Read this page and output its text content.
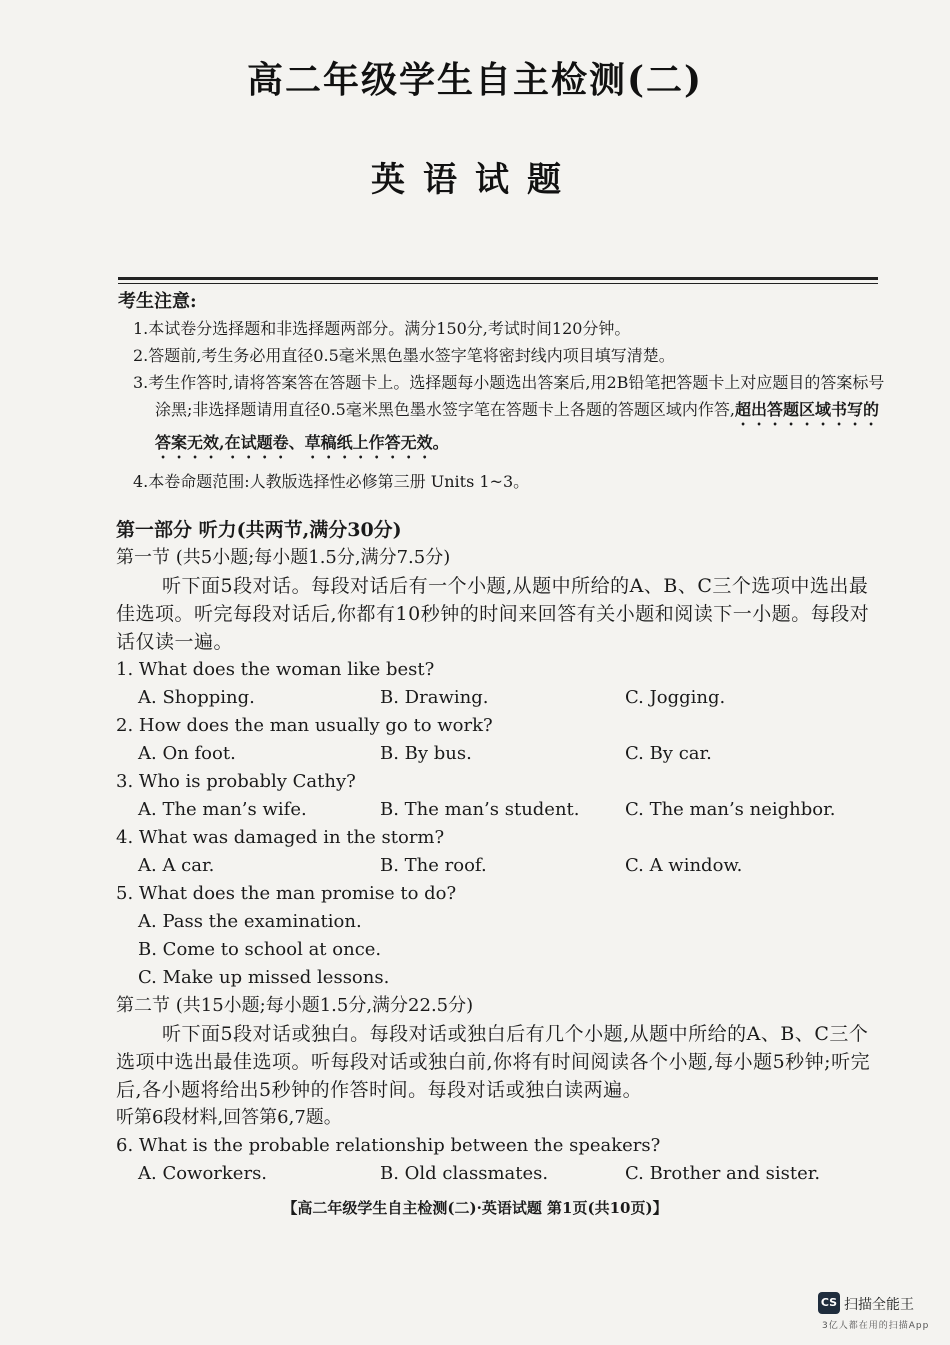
高二年级学生自主检测(二)
英语试题
考生注意:
1.本试卷分选择题和非选择题两部分。满分150分,考试时间120分钟。
2.答题前,考生务必用直径0.5毫米黑色墨水签字笔将密封线内项目填写清楚。
3.考生作答时,请将答案答在答题卡上。选择题每小题选出答案后,用2B铅笔把答题卡上对应题目的答案标号涂黑;非选择题请用直径0.5毫米黑色墨水签字笔在答题卡上各题的答题区域内作答,超出答题区域书写的答案无效,在试题卷、草稿纸上作答无效。
4.本卷命题范围:人教版选择性必修第三册 Units 1~3。
第一部分 听力(共两节,满分30分)
第一节 (共5小题;每小题1.5分,满分7.5分)
听下面5段对话。每段对话后有一个小题,从题中所给的A、B、C三个选项中选出最佳选项。听完每段对话后,你都有10秒钟的时间来回答有关小题和阅读下一小题。每段对话仅读一遍。
1. What does the woman like best?
A. Shopping.	B. Drawing.	C. Jogging.
2. How does the man usually go to work?
A. On foot.	B. By bus.	C. By car.
3. Who is probably Cathy?
A. The man’s wife.	B. The man’s student.	C. The man’s neighbor.
4. What was damaged in the storm?
A. A car.	B. The roof.	C. A window.
5. What does the man promise to do?
A. Pass the examination.
B. Come to school at once.
C. Make up missed lessons.
第二节 (共15小题;每小题1.5分,满分22.5分)
听下面5段对话或独白。每段对话或独白后有几个小题,从题中所给的A、B、C三个选项中选出最佳选项。听每段对话或独白前,你将有时间阅读各个小题,每小题5秒钟;听完后,各小题将给出5秒钟的作答时间。每段对话或独白读两遍。
听第6段材料,回答第6,7题。
6. What is the probable relationship between the speakers?
A. Coworkers.	B. Old classmates.	C. Brother and sister.
【高二年级学生自主检测(二)·英语试题 第1页(共10页)】
CS 扫描全能王
3亿人都在用的扫描App
